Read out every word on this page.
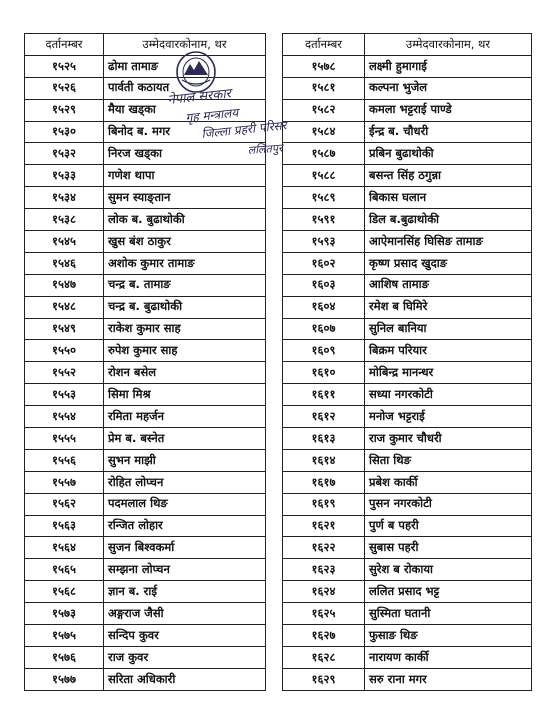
दर्तानम्बर	उम्मेदवारकोनाम, थर
१५२५	ढोमा तामाङ
१५२६	पार्वती कठायत
१५२९	मैया खड्का
१५३०	बिनोद ब. मगर
१५३२	निरज खड्का
१५३३	गणेश थापा
१५३४	सुमन स्याङ्तान
१५३८	लोक ब. बुढाथोकी
१५४५	खुस बंश ठाकुर
१५४६	अशोक कुमार तामाङ
१५४७	चन्द्र ब. तामाङ
१५४८	चन्द्र ब. बुढाथोकी
१५४९	राकेश कुमार साह
१५५०	रुपेश कुमार साह
१५५२	रोशन बसेल
१५५३	सिमा मिश्र
१५५४	रमिता महर्जन
१५५५	प्रेम ब. बस्नेत
१५५६	सुभन माझी
१५५७	रोहित लोप्चन
१५६२	पदमलाल थिङ
१५६३	रन्जित लोहार
१५६४	सुजन बिश्वकर्मा
१५६५	सम्झना लोप्चन
१५६८	ज्ञान ब. राई
१५७३	अङ्गराज जैसी
१५७५	सन्दिप कुवर
१५७६	राज कुवर
१५७७	सरिता अधिकारी
दर्तानम्बर	उम्मेदवारकोनाम, थर
१५७८	लक्ष्मी हुमागाई
१५८१	कल्पना भुजेल
१५८२	कमला भट्टराई पाण्डे
१५८४	ईन्द्र ब. चौधरी
१५८७	प्रबिन बुढाथोकी
१५८८	बसन्त सिंह ठगुन्ना
१५८९	बिकास घलान
१५९१	डिल ब.बुढाथोकी
१५९३	आऐमानसिंह घिसिङ तामाङ
१६०२	कृष्ण प्रसाद खुदाङ
१६०३	आशिष तामाङ
१६०४	रमेश ब घिमिरे
१६०७	सुनिल बानिया
१६०९	बिक्रम परियार
१६१०	मोबिन्द्र मानन्धर
१६११	सध्या नगरकोटी
१६१२	मनोज भट्टराई
१६१३	राज कुमार चौधरी
१६१४	सिता थिङ
१६१७	प्रबेश कार्की
१६१९	पुसन नगरकोटी
१६२१	पुर्ण ब पहरी
१६२२	सुबास पहरी
१६२३	सुरेश ब रोकाया
१६२४	ललित प्रसाद भट्ट
१६२५	सुस्मिता घतानी
१६२७	फुसाङ थिङ
१६२८	नारायण कार्की
१६२९	सरु राना मगर
नेपाल सरकार
गृह मन्त्रालय
जिल्ला प्रहरी परिसर
ललितपुर
